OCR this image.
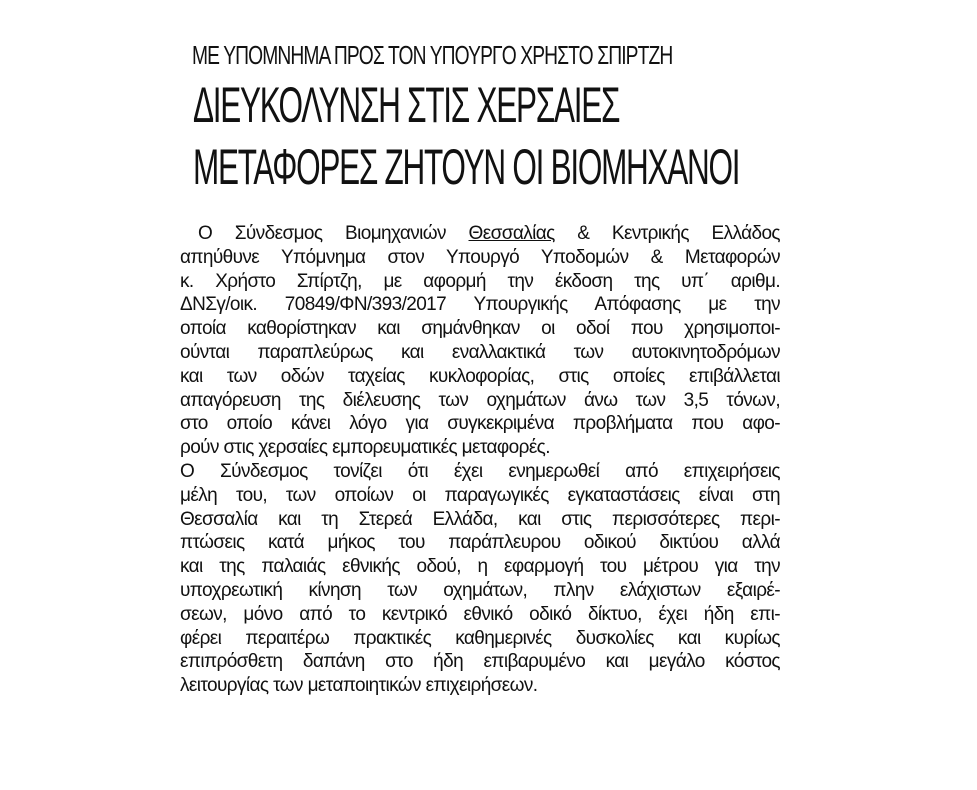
ΜΕ ΥΠΟΜΝΗΜΑ ΠΡΟΣ ΤΟΝ ΥΠΟΥΡΓΟ ΧΡΗΣΤΟ ΣΠΙΡΤΖΗ
ΔΙΕΥΚΟΛΥΝΣΗ ΣΤΙΣ ΧΕΡΣΑΙΕΣ
ΜΕΤΑΦΟΡΕΣ ΖΗΤΟΥΝ ΟΙ ΒΙΟΜΗΧΑΝΟΙ
Ο Σύνδεσμος Βιομηχανιών Θεσσαλίας & Κεντρικής Ελλάδος
απηύθυνε Υπόμνημα στον Υπουργό Υποδομών & Μεταφορών
κ. Χρήστο Σπίρτζη, με αφορμή την έκδοση της υπ΄ αριθμ.
ΔΝΣγ/οικ. 70849/ΦΝ/393/2017 Υπουργικής Απόφασης με την
οποία καθορίστηκαν και σημάνθηκαν οι οδοί που χρησιμοποι-
ούνται παραπλεύρως και εναλλακτικά των αυτοκινητοδρόμων
και των οδών ταχείας κυκλοφορίας, στις οποίες επιβάλλεται
απαγόρευση της διέλευσης των οχημάτων άνω των 3,5 τόνων,
στο οποίο κάνει λόγο για συγκεκριμένα προβλήματα που αφο-
ρούν στις χερσαίες εμπορευματικές μεταφορές.
Ο Σύνδεσμος τονίζει ότι έχει ενημερωθεί από επιχειρήσεις
μέλη του, των οποίων οι παραγωγικές εγκαταστάσεις είναι στη
Θεσσαλία και τη Στερεά Ελλάδα, και στις περισσότερες περι-
πτώσεις κατά μήκος του παράπλευρου οδικού δικτύου αλλά
και της παλαιάς εθνικής οδού, η εφαρμογή του μέτρου για την
υποχρεωτική κίνηση των οχημάτων, πλην ελάχιστων εξαιρέ-
σεων, μόνο από το κεντρικό εθνικό οδικό δίκτυο, έχει ήδη επι-
φέρει περαιτέρω πρακτικές καθημερινές δυσκολίες και κυρίως
επιπρόσθετη δαπάνη στο ήδη επιβαρυμένο και μεγάλο κόστος
λειτουργίας των μεταποιητικών επιχειρήσεων.
